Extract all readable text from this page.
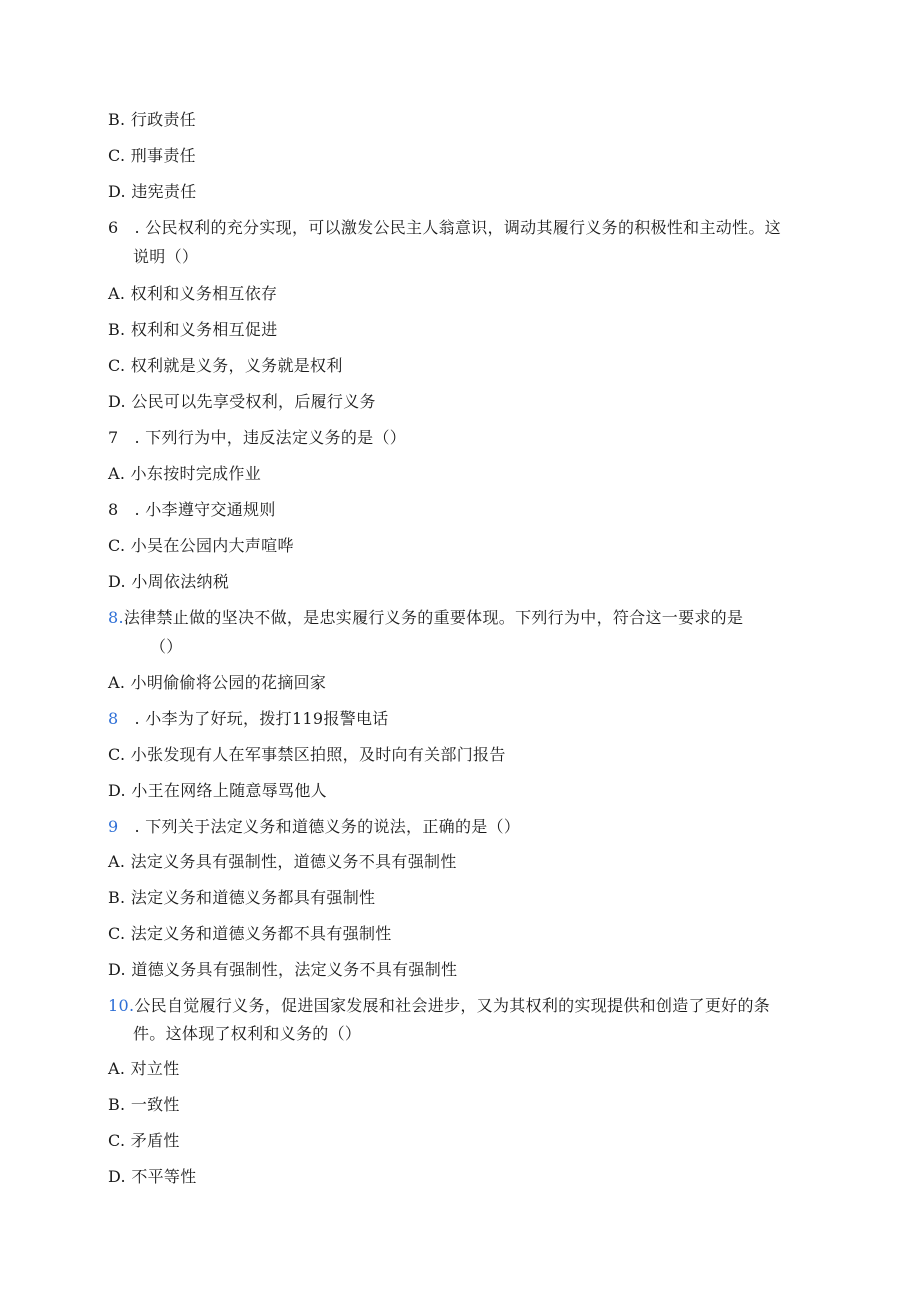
B. 行政责任
C. 刑事责任
D. 违宪责任
6 . 公民权利的充分实现，可以激发公民主人翁意识，调动其履行义务的积极性和主动性。这
说明（）
A. 权利和义务相互依存
B. 权利和义务相互促进
C. 权利就是义务，义务就是权利
D. 公民可以先享受权利，后履行义务
7 . 下列行为中，违反法定义务的是（）
A. 小东按时完成作业
8 . 小李遵守交通规则
C. 小吴在公园内大声喧哗
D. 小周依法纳税
8.法律禁止做的坚决不做，是忠实履行义务的重要体现。下列行为中，符合这一要求的是
（）
A. 小明偷偷将公园的花摘回家
8 . 小李为了好玩，拨打119报警电话
C. 小张发现有人在军事禁区拍照，及时向有关部门报告
D. 小王在网络上随意辱骂他人
9 . 下列关于法定义务和道德义务的说法，正确的是（）
A. 法定义务具有强制性，道德义务不具有强制性
B. 法定义务和道德义务都具有强制性
C. 法定义务和道德义务都不具有强制性
D. 道德义务具有强制性，法定义务不具有强制性
10.公民自觉履行义务，促进国家发展和社会进步，又为其权利的实现提供和创造了更好的条
件。这体现了权利和义务的（）
A. 对立性
B. 一致性
C. 矛盾性
D. 不平等性
